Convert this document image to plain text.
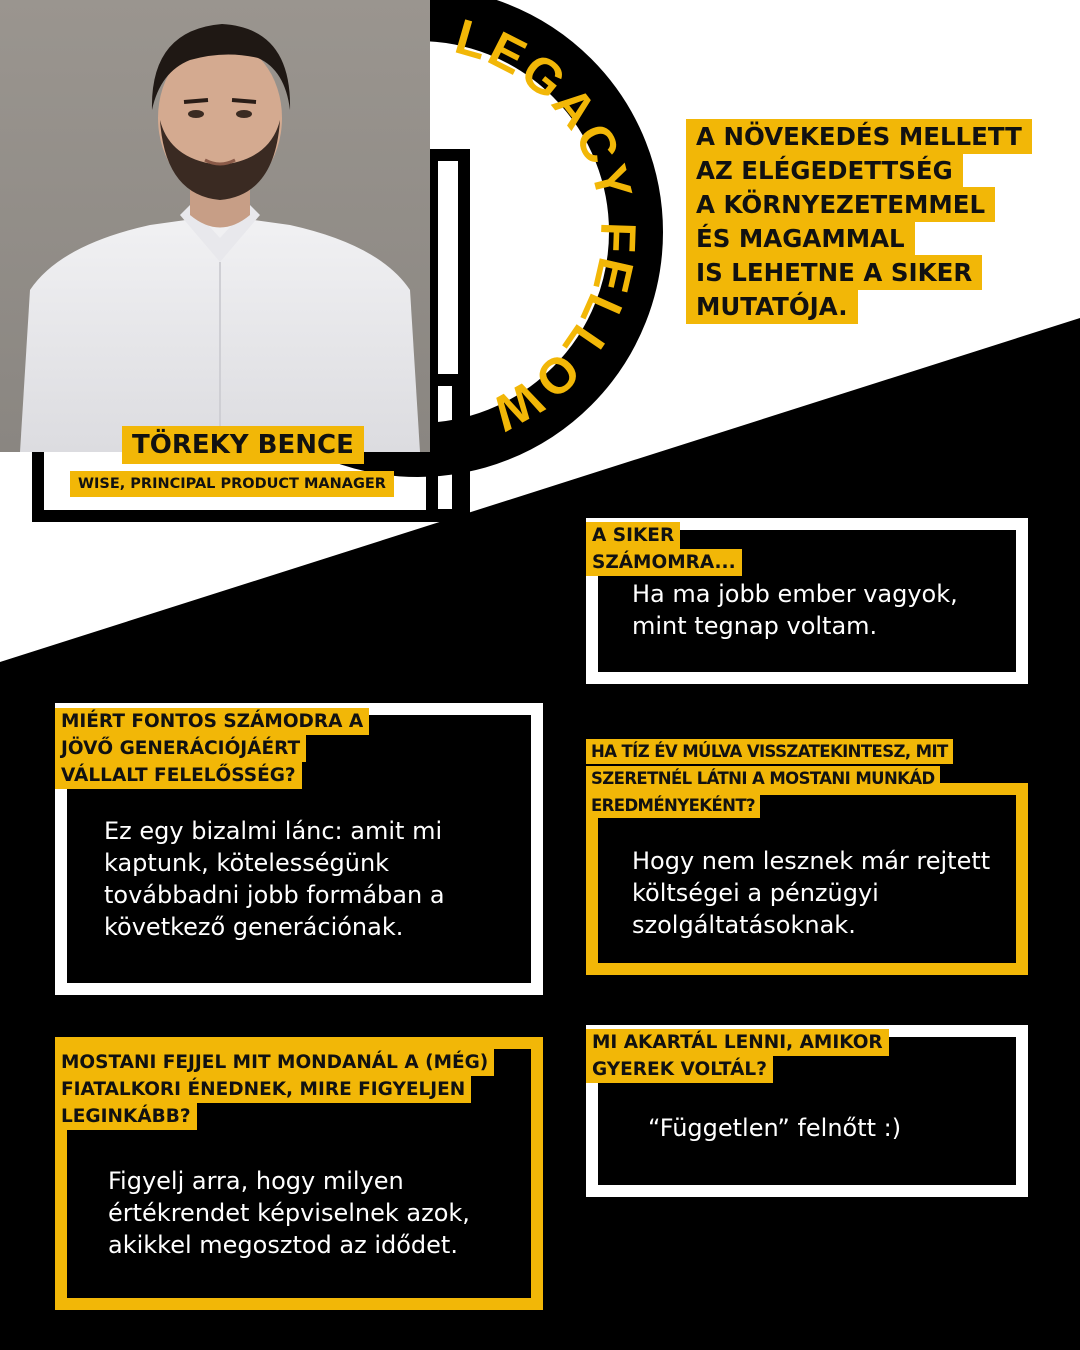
LEGACY FELLOW
TÖREKY BENCE
WISE, PRINCIPAL PRODUCT MANAGER
A NÖVEKEDÉS MELLETT
AZ ELÉGEDETTSÉG
A KÖRNYEZETEMMEL
ÉS MAGAMMAL
IS LEHETNE A SIKER
MUTATÓJA.
A SIKER SZÁMOMRA...
Ha ma jobb ember vagyok, mint tegnap voltam.
MIÉRT FONTOS SZÁMODRA A JÖVŐ GENERÁCIÓJÁÉRT VÁLLALT FELELŐSSÉG?
Ez egy bizalmi lánc: amit mi kaptunk, kötelességünk továbbadni jobb formában a következő generációnak.
HA TÍZ ÉV MÚLVA VISSZATEKINTESZ, MIT SZERETNÉL LÁTNI A MOSTANI MUNKÁD EREDMÉNYEKÉNT?
Hogy nem lesznek már rejtett költségei a pénzügyi szolgáltatásoknak.
MOSTANI FEJJEL MIT MONDANÁL A (MÉG) FIATALKORI ÉNEDNEK, MIRE FIGYELJEN LEGINKÁBB?
Figyelj arra, hogy milyen értékrendet képviselnek azok, akikkel megosztod az idődet.
MI AKARTÁL LENNI, AMIKOR GYEREK VOLTÁL?
“Független” felnőtt :)
